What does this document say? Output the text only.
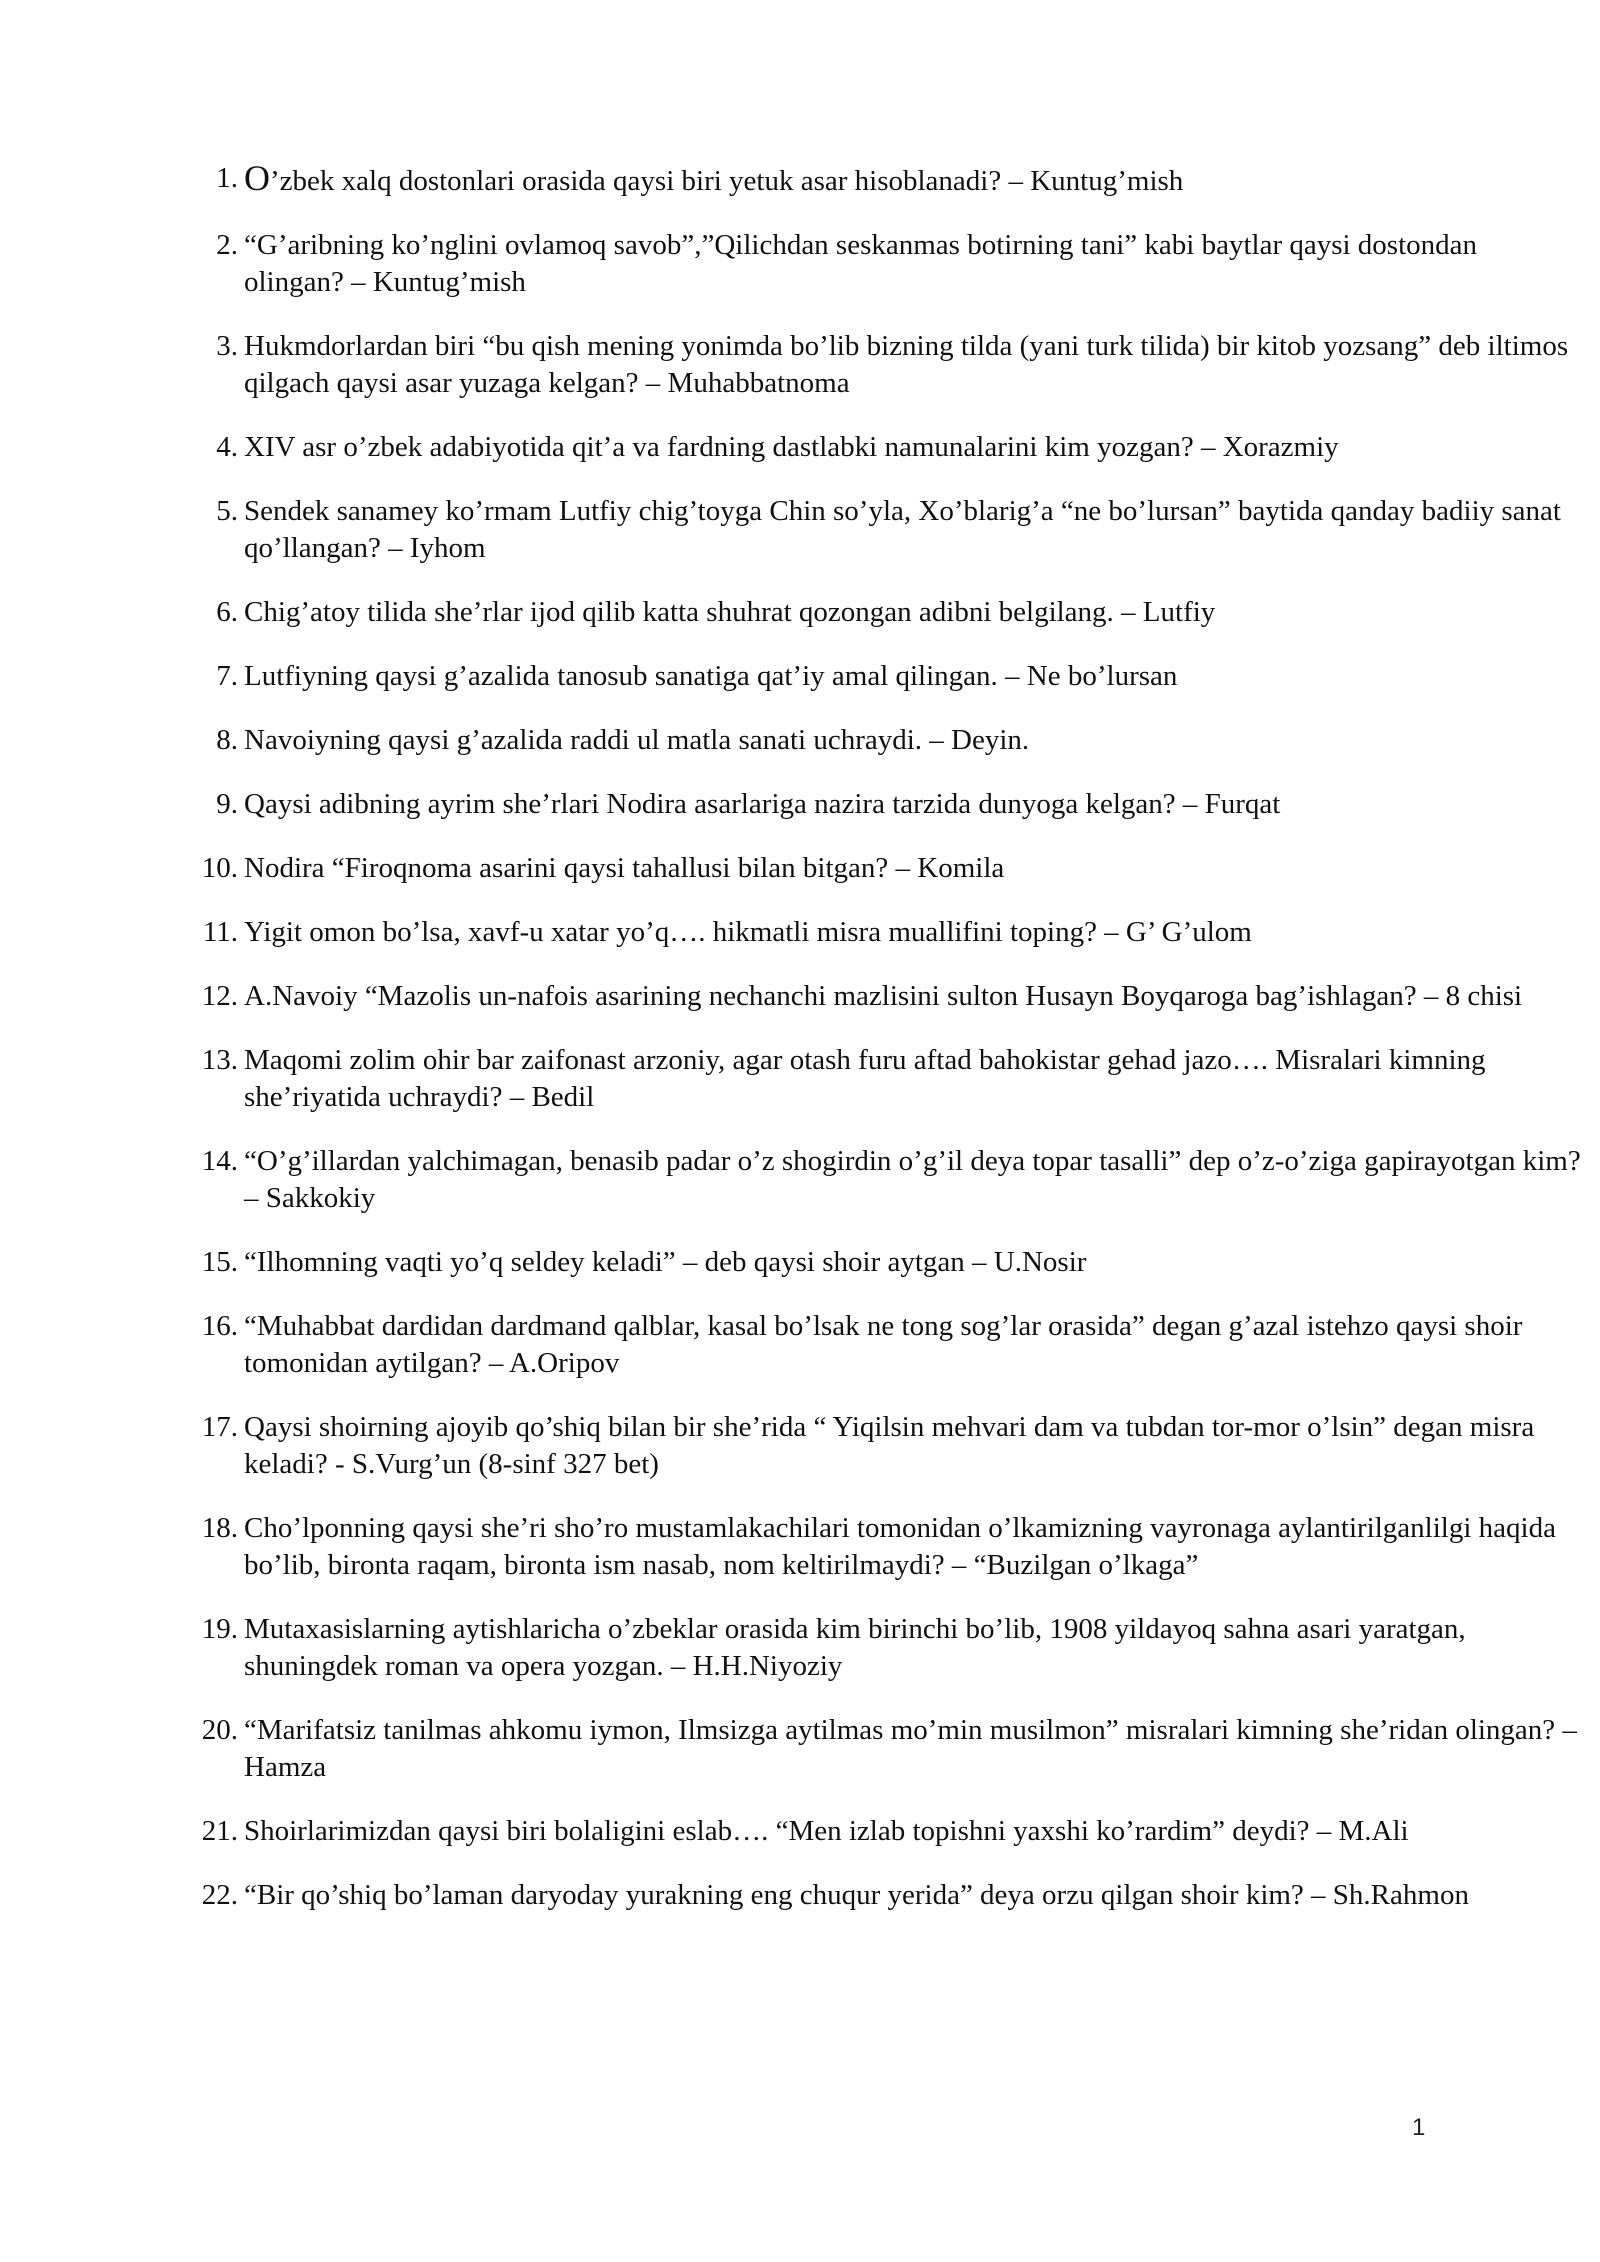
1. O’zbek xalq dostonlari orasida qaysi biri yetuk asar hisoblanadi? – Kuntug’mish
2. “G’aribning ko’nglini ovlamoq savob”,”Qilichdan seskanmas botirning tani” kabi baytlar qaysi dostondan olingan? – Kuntug’mish
3. Hukmdorlardan biri “bu qish mening yonimda bo’lib bizning tilda (yani turk tilida) bir kitob yozsang” deb iltimos qilgach qaysi asar yuzaga kelgan? – Muhabbatnoma
4. XIV asr o’zbek adabiyotida qit’a va fardning dastlabki namunalarini kim yozgan? – Xorazmiy
5. Sendek sanamey ko’rmam Lutfiy chig’toyga Chin so’yla, Xo’blarig’a “ne bo’lursan” baytida qanday badiiy sanat qo’llangan? – Iyhom
6. Chig’atoy tilida she’rlar ijod qilib katta shuhrat qozongan adibni belgilang. – Lutfiy
7. Lutfiyning qaysi g’azalida tanosub sanatiga qat’iy amal qilingan. – Ne bo’lursan
8. Navoiyning qaysi g’azalida raddi ul matla sanati uchraydi. – Deyin.
9. Qaysi adibning ayrim she’rlari Nodira asarlariga nazira tarzida dunyoga kelgan? – Furqat
10. Nodira “Firoqnoma asarini qaysi tahallusi bilan bitgan? – Komila
11. Yigit omon bo’lsa, xavf-u xatar yo’q…. hikmatli misra muallifini toping? – G’ G’ulom
12. A.Navoiy “Mazolis un-nafois asarining nechanchi mazlisini sulton Husayn Boyqaroga bag’ishlagan? – 8 chisi
13. Maqomi zolim ohir bar zaifonast arzoniy, agar otash furu aftad bahokistar gehad jazo…. Misralari kimning she’riyatida uchraydi? – Bedil
14. “O’g’illardan yalchimagan, benasib padar o’z shogirdin o’g’il deya topar tasalli” dep o’z-o’ziga gapirayotgan kim? – Sakkokiy
15. “Ilhomning vaqti yo’q seldey keladi” – deb qaysi shoir aytgan – U.Nosir
16. “Muhabbat dardidan dardmand qalblar, kasal bo’lsak ne tong sog’lar orasida” degan g’azal istehzo qaysi shoir tomonidan aytilgan? – A.Oripov
17. Qaysi shoirning ajoyib qo’shiq bilan bir she’rida “ Yiqilsin mehvari dam va tubdan tor-mor o’lsin” degan misra keladi? - S.Vurg’un (8-sinf 327 bet)
18. Cho’lponning qaysi she’ri sho’ro mustamlakachilari tomonidan o’lkamizning vayronaga aylantirilganlilgi haqida bo’lib, bironta raqam, bironta ism nasab, nom keltirilmaydi? – “Buzilgan o’lkaga”
19. Mutaxasislarning aytishlaricha o’zbeklar orasida kim birinchi bo’lib, 1908 yildayoq sahna asari yaratgan, shuningdek roman va opera yozgan. – H.H.Niyoziy
20. “Marifatsiz tanilmas ahkomu iymon, Ilmsizga aytilmas mo’min musilmon” misralari kimning she’ridan olingan? – Hamza
21. Shoirlarimizdan qaysi biri bolaligini eslab…. “Men izlab topishni yaxshi ko’rardim” deydi? – M.Ali
22. “Bir qo’shiq bo’laman daryoday yurakning eng chuqur yerida” deya orzu qilgan shoir kim? – Sh.Rahmon
1
